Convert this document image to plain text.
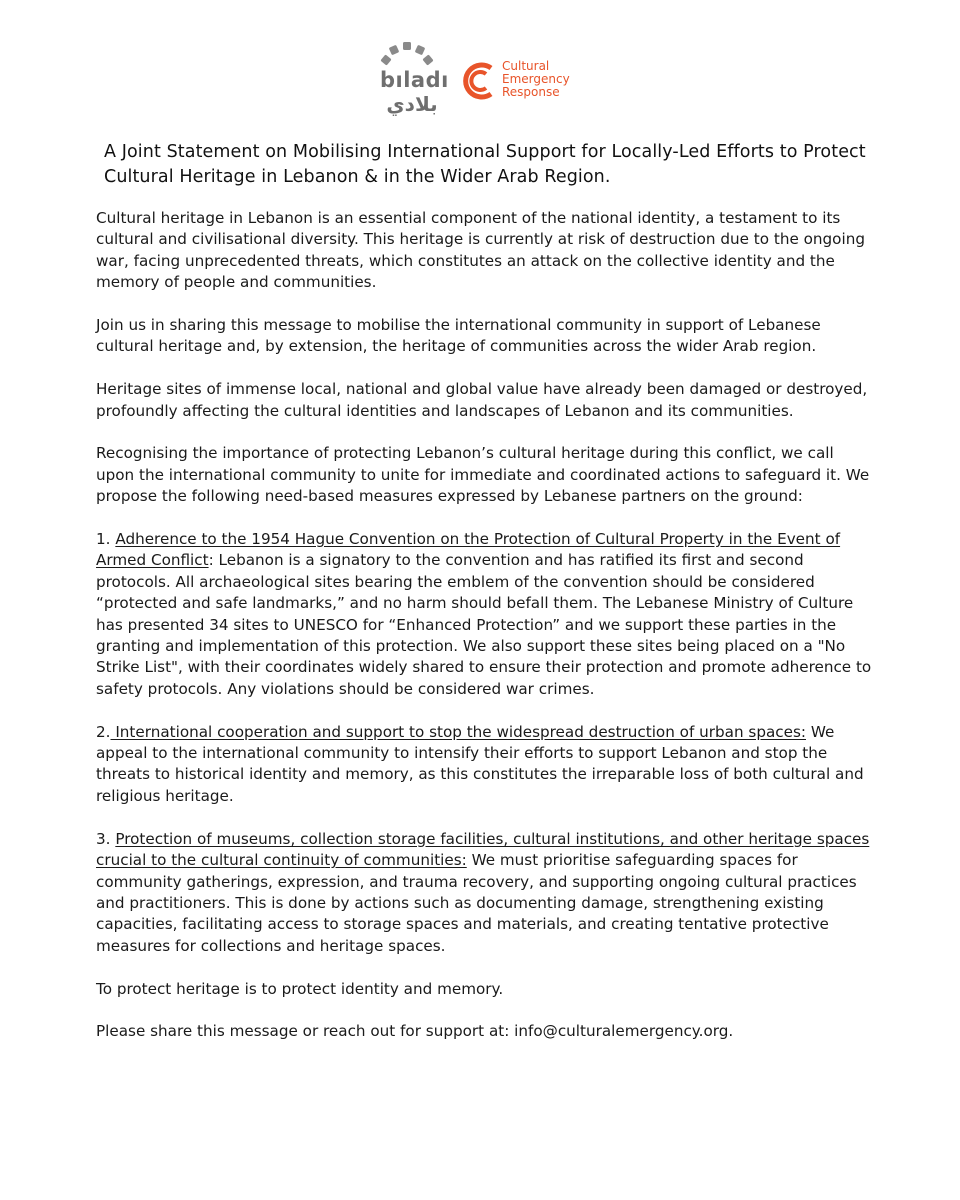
bıladı
بلادي
Cultural
Emergency
Response
A Joint Statement on Mobilising International Support for Locally-Led Efforts to Protect Cultural Heritage in Lebanon & in the Wider Arab Region.

Cultural heritage in Lebanon is an essential component of the national identity, a testament to its cultural and civilisational diversity. This heritage is currently at risk of destruction due to the ongoing war, facing unprecedented threats, which constitutes an attack on the collective identity and the memory of people and communities.

Join us in sharing this message to mobilise the international community in support of Lebanese cultural heritage and, by extension, the heritage of communities across the wider Arab region.

Heritage sites of immense local, national and global value have already been damaged or destroyed, profoundly affecting the cultural identities and landscapes of Lebanon and its communities.

Recognising the importance of protecting Lebanon’s cultural heritage during this conflict, we call upon the international community to unite for immediate and coordinated actions to safeguard it. We propose the following need-based measures expressed by Lebanese partners on the ground:

1. Adherence to the 1954 Hague Convention on the Protection of Cultural Property in the Event of Armed Conflict: Lebanon is a signatory to the convention and has ratified its first and second protocols. All archaeological sites bearing the emblem of the convention should be considered “protected and safe landmarks,” and no harm should befall them. The Lebanese Ministry of Culture has presented 34 sites to UNESCO for “Enhanced Protection” and we support these parties in the granting and implementation of this protection. We also support these sites being placed on a "No Strike List", with their coordinates widely shared to ensure their protection and promote adherence to safety protocols. Any violations should be considered war crimes.

2. International cooperation and support to stop the widespread destruction of urban spaces: We appeal to the international community to intensify their efforts to support Lebanon and stop the threats to historical identity and memory, as this constitutes the irreparable loss of both cultural and religious heritage.

3. Protection of museums, collection storage facilities, cultural institutions, and other heritage spaces crucial to the cultural continuity of communities: We must prioritise safeguarding spaces for community gatherings, expression, and trauma recovery, and supporting ongoing cultural practices and practitioners. This is done by actions such as documenting damage, strengthening existing capacities, facilitating access to storage spaces and materials, and creating tentative protective measures for collections and heritage spaces.

To protect heritage is to protect identity and memory.

Please share this message or reach out for support at: info@culturalemergency.org.
